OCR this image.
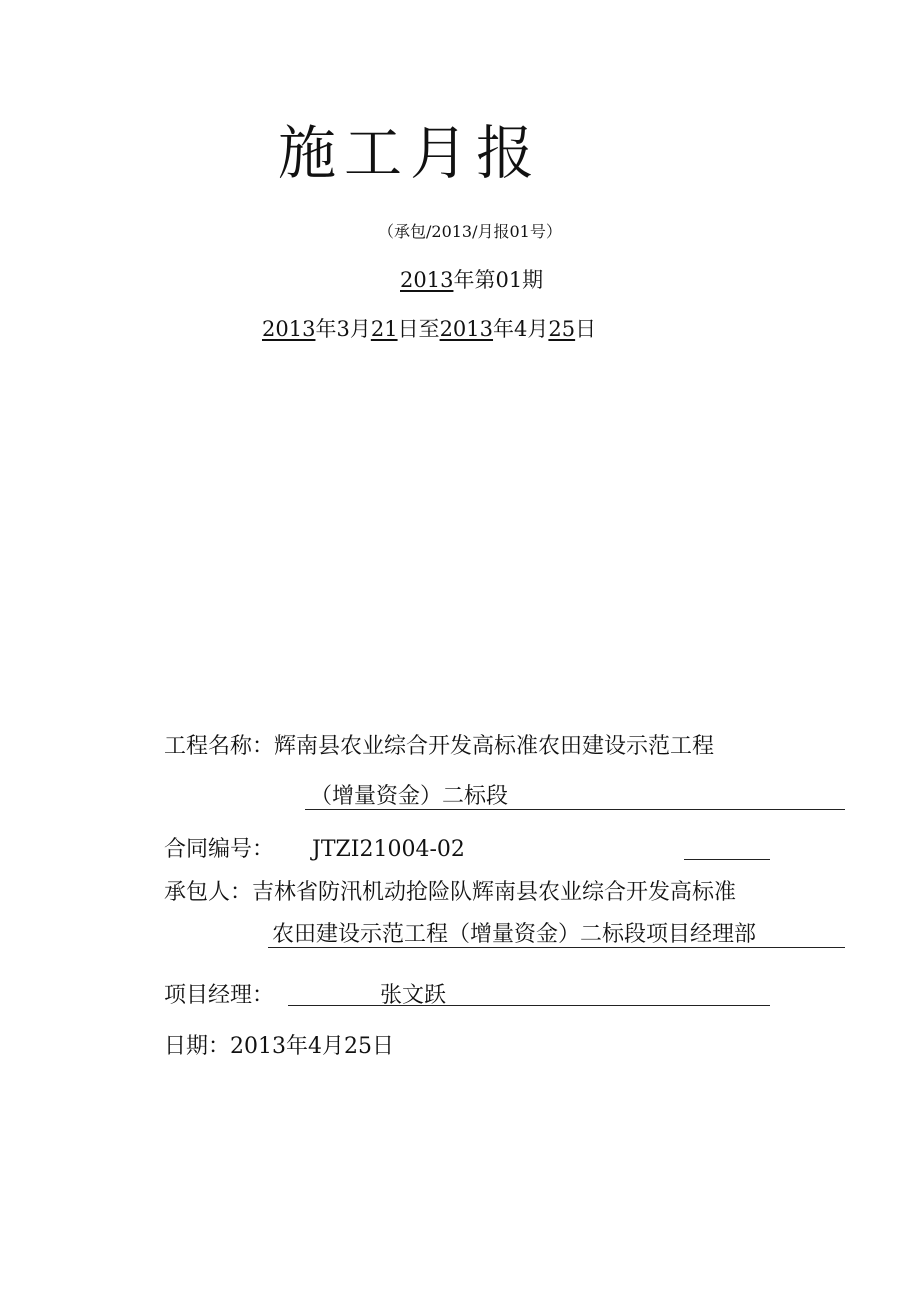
施工月报
（承包/2013/月报01号）
2013年第01期
2013年3月21日至2013年4月25日
工程名称：辉南县农业综合开发高标准农田建设示范工程
（增量资金）二标段
合同编号： JTZI21004-02
承包人：吉林省防汛机动抢险队辉南县农业综合开发高标准
农田建设示范工程（增量资金）二标段项目经理部
项目经理：	张文跃
日期：2013年4月25日
